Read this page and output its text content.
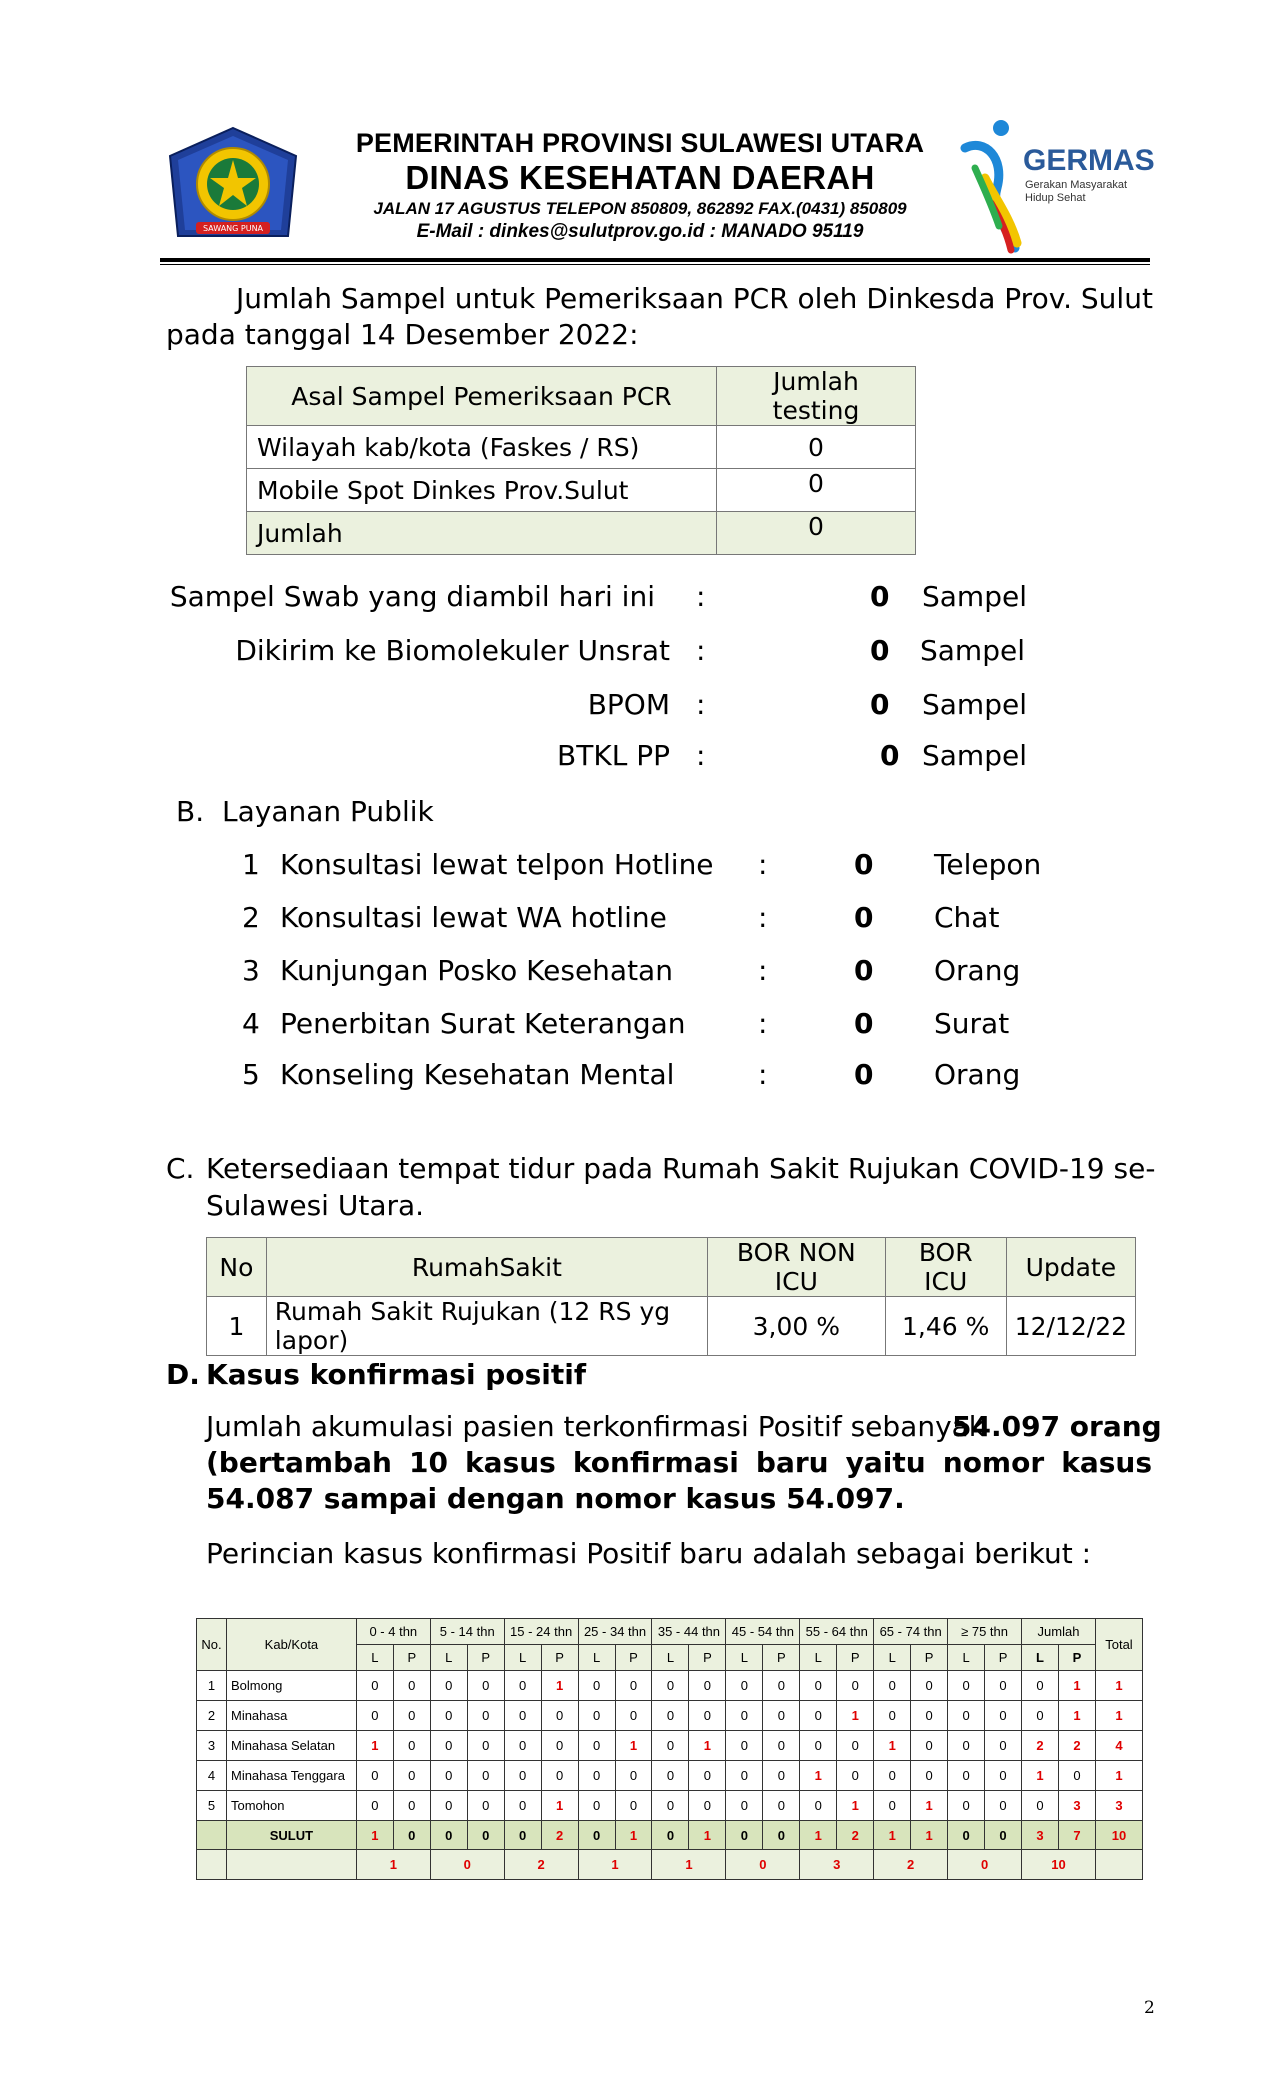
SAWANG PUNA
PEMERINTAH PROVINSI SULAWESI UTARA
DINAS KESEHATAN DAERAH
JALAN 17 AGUSTUS TELEPON 850809, 862892 FAX.(0431) 850809
E-Mail : dinkes@sulutprov.go.id : MANADO 95119
GERMAS
Gerakan Masyarakat
Hidup Sehat
Jumlah Sampel untuk Pemeriksaan PCR oleh Dinkesda Prov. Sulut
pada tanggal 14 Desember 2022:
Asal Sampel Pemeriksaan PCR	Jumlah testing
Wilayah kab/kota (Faskes / RS)	0
Mobile Spot Dinkes Prov.Sulut	0
Jumlah	0
Sampel Swab yang diambil hari ini :	0 Sampel
Dikirim ke Biomolekuler Unsrat :	0 Sampel
BPOM :	0 Sampel
BTKL PP :	0 Sampel
B. Layanan Publik
1 Konsultasi lewat telpon Hotline :	0 Telepon
2 Konsultasi lewat WA hotline	:	0 Chat
3 Kunjungan Posko Kesehatan	:	0 Orang
4 Penerbitan Surat Keterangan	:	0 Surat
5 Konseling Kesehatan Mental	:	0 Orang
C. Ketersediaan tempat tidur pada Rumah Sakit Rujukan COVID-19 se-
Sulawesi Utara.
No	RumahSakit	BOR NON ICU	BOR ICU	Update
1	Rumah Sakit Rujukan (12 RS yg lapor)	3,00 %	1,46 %	12/12/22
D. Kasus konfirmasi positif
Jumlah akumulasi pasien terkonfirmasi Positif sebanyak
54.097 orang
(bertambah 10 kasus konfirmasi baru yaitu nomor kasus
54.087 sampai dengan nomor kasus 54.097.
Perincian kasus konfirmasi Positif baru adalah sebagai berikut :
No.	Kab/Kota	0 - 4 thn		5 - 14 thn		15 - 24 thn		25 - 34 thn		35 - 44 thn		45 - 54 thn		55 - 64 thn		65 - 74 thn		≥ 75 thn		Jumlah		Total
		L	P	L	P	L	P	L	P	L	P	L	P	L	P	L	P	L	P	L	P	
1	Bolmong	0	0	0	0	0	1	0	0	0	0	0	0	0	0	0	0	0	0	0	1	1
2	Minahasa	0	0	0	0	0	0	0	0	0	0	0	0	0	1	0	0	0	0	0	1	1
3	Minahasa Selatan	1	0	0	0	0	0	0	1	0	1	0	0	0	0	1	0	0	0	2	2	4
4	Minahasa Tenggara	0	0	0	0	0	0	0	0	0	0	0	0	1	0	0	0	0	0	1	0	1
5	Tomohon	0	0	0	0	0	1	0	0	0	0	0	0	0	1	0	1	0	0	0	3	3
	SULUT	1	0	0	0	0	2	0	1	0	1	0	0	1	2	1	1	0	0	3	7	10
		1		0		2		1		1		0		3		2		0		10		
2
